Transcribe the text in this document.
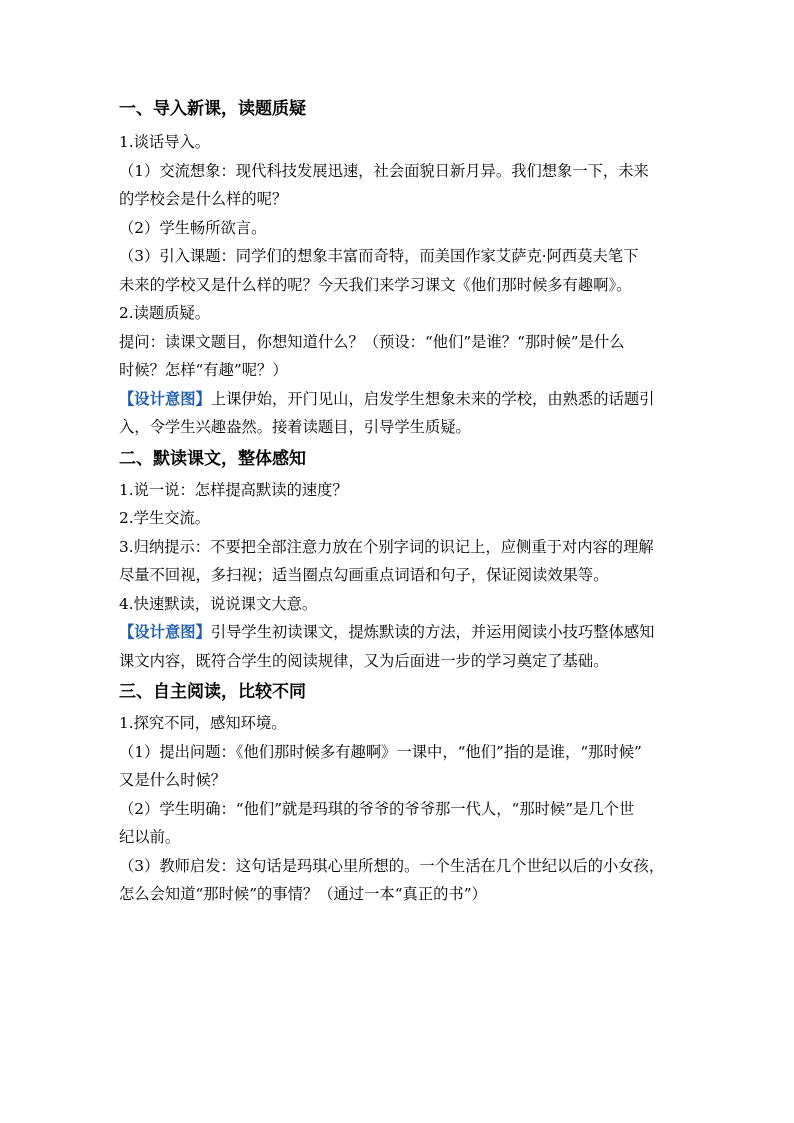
一、导入新课，读题质疑
1.谈话导入。
（1）交流想象：现代科技发展迅速，社会面貌日新月异。我们想象一下，未来
的学校会是什么样的呢？
（2）学生畅所欲言。
（3）引入课题：同学们的想象丰富而奇特，而美国作家艾萨克·阿西莫夫笔下
未来的学校又是什么样的呢？今天我们来学习课文《他们那时候多有趣啊》。
2.读题质疑。
提问：读课文题目，你想知道什么？（预设：“他们”是谁？“那时候”是什么
时候？怎样“有趣”呢？）
【设计意图】上课伊始，开门见山，启发学生想象未来的学校，由熟悉的话题引
入，令学生兴趣盎然。接着读题目，引导学生质疑。
二、默读课文，整体感知
1.说一说：怎样提高默读的速度？
2.学生交流。
3.归纳提示：不要把全部注意力放在个别字词的识记上，应侧重于对内容的理解
尽量不回视，多扫视；适当圈点勾画重点词语和句子，保证阅读效果等。
4.快速默读，说说课文大意。
【设计意图】引导学生初读课文，提炼默读的方法，并运用阅读小技巧整体感知
课文内容，既符合学生的阅读规律，又为后面进一步的学习奠定了基础。
三、自主阅读，比较不同
1.探究不同，感知环境。
（1）提出问题：《他们那时候多有趣啊》一课中，“他们”指的是谁，“那时候”
又是什么时候？
（2）学生明确：“他们”就是玛琪的爷爷的爷爷那一代人，“那时候”是几个世
纪以前。
（3）教师启发：这句话是玛琪心里所想的。一个生活在几个世纪以后的小女孩，
怎么会知道“那时候”的事情？（通过一本“真正的书”）
